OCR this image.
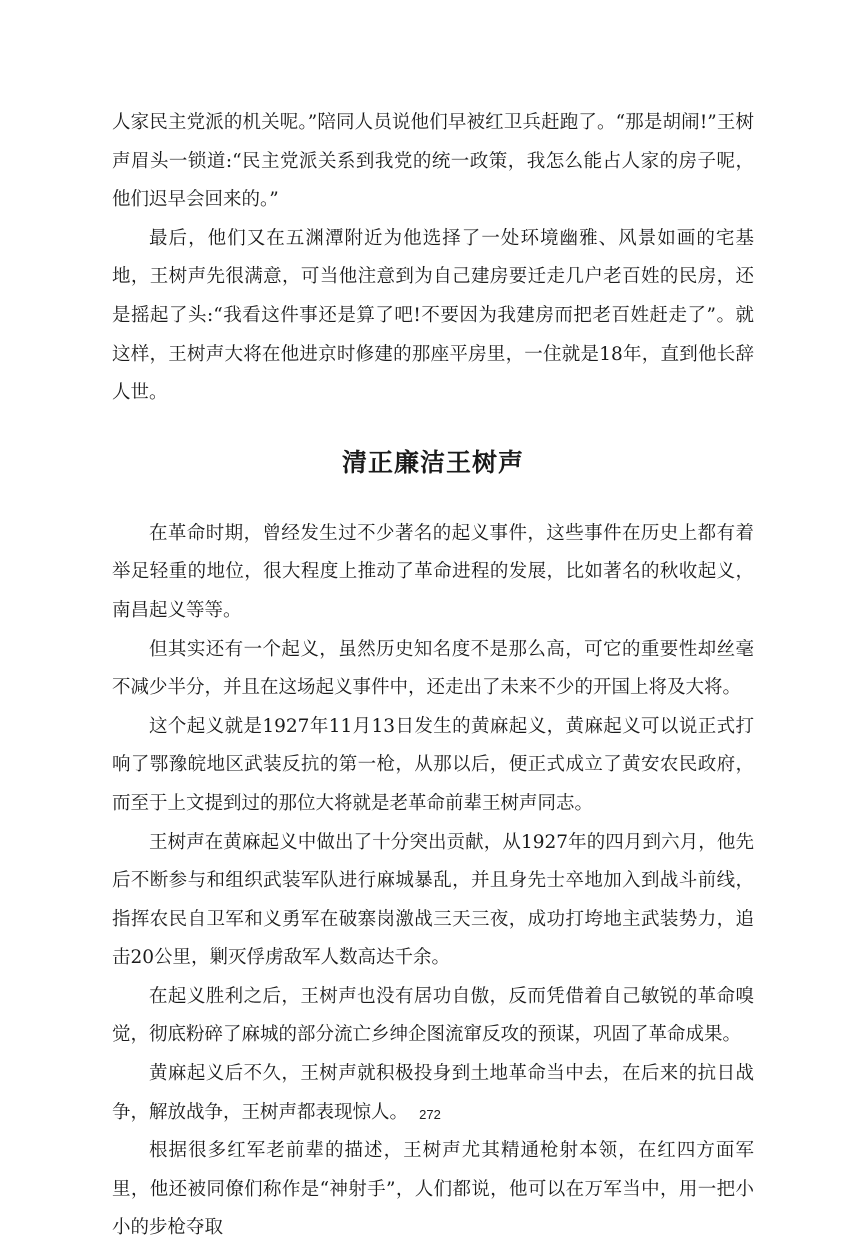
人家民主党派的机关呢。”陪同人员说他们早被红卫兵赶跑了。“那是胡闹!”王树声眉头一锁道:“民主党派关系到我党的统一政策，我怎么能占人家的房子呢，他们迟早会回来的。”

最后，他们又在五渊潭附近为他选择了一处环境幽雅、风景如画的宅基地，王树声先很满意，可当他注意到为自己建房要迁走几户老百姓的民房，还是摇起了头:“我看这件事还是算了吧!不要因为我建房而把老百姓赶走了”。就这样，王树声大将在他进京时修建的那座平房里，一住就是18年，直到他长辞人世。

清正廉洁王树声

在革命时期，曾经发生过不少著名的起义事件，这些事件在历史上都有着举足轻重的地位，很大程度上推动了革命进程的发展，比如著名的秋收起义，南昌起义等等。

但其实还有一个起义，虽然历史知名度不是那么高，可它的重要性却丝毫不减少半分，并且在这场起义事件中，还走出了未来不少的开国上将及大将。

这个起义就是1927年11月13日发生的黄麻起义，黄麻起义可以说正式打响了鄂豫皖地区武装反抗的第一枪，从那以后，便正式成立了黄安农民政府，而至于上文提到过的那位大将就是老革命前辈王树声同志。

王树声在黄麻起义中做出了十分突出贡献，从1927年的四月到六月，他先后不断参与和组织武装军队进行麻城暴乱，并且身先士卒地加入到战斗前线，指挥农民自卫军和义勇军在破寨岗激战三天三夜，成功打垮地主武装势力，追击20公里，剿灭俘虏敌军人数高达千余。

在起义胜利之后，王树声也没有居功自傲，反而凭借着自己敏锐的革命嗅觉，彻底粉碎了麻城的部分流亡乡绅企图流窜反攻的预谋，巩固了革命成果。

黄麻起义后不久，王树声就积极投身到土地革命当中去，在后来的抗日战争，解放战争，王树声都表现惊人。

根据很多红军老前辈的描述，王树声尤其精通枪射本领，在红四方面军里，他还被同僚们称作是“神射手”，人们都说，他可以在万军当中，用一把小小的步枪夺取

272
